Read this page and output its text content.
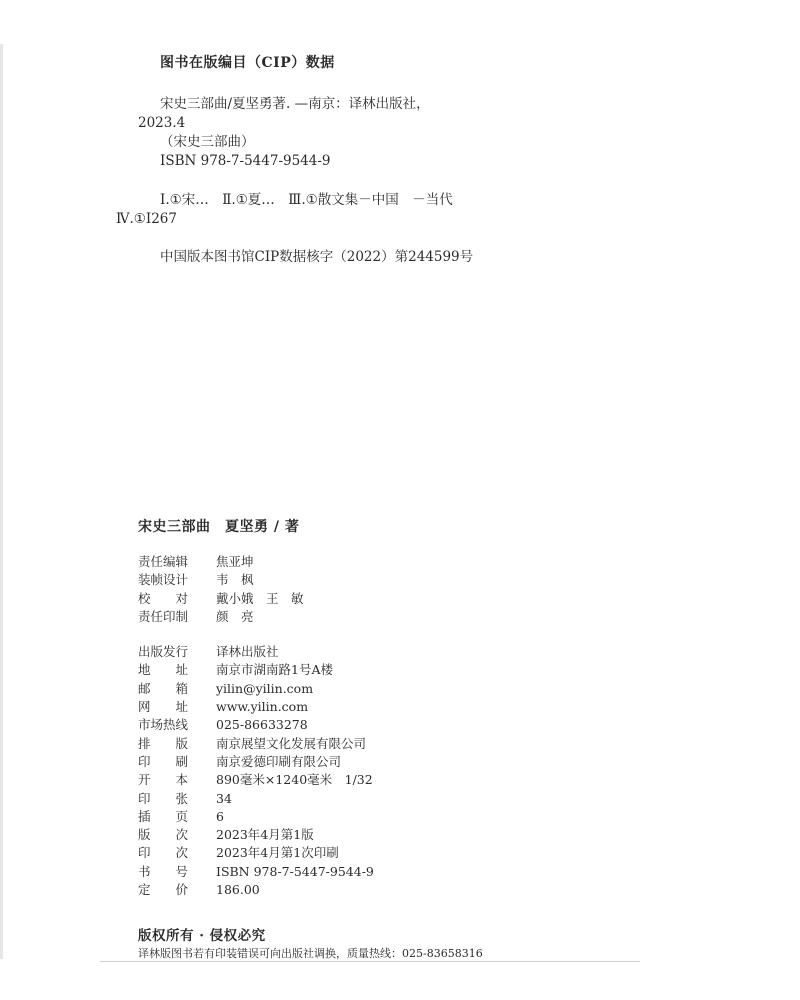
图书在版编目（CIP）数据
宋史三部曲/夏坚勇著. —南京：译林出版社，
2023.4
（宋史三部曲）
ISBN 978-7-5447-9544-9
Ⅰ.①宋…　Ⅱ.①夏…　Ⅲ.①散文集－中国　－当代
Ⅳ.①I267
中国版本图书馆CIP数据核字（2022）第244599号
宋史三部曲　夏坚勇 / 著
责任编辑	焦亚坤
装帧设计	韦　枫
校　　对	戴小娥　王　敏
责任印制	颜　亮
出版发行	译林出版社
地　　址	南京市湖南路1号A楼
邮　　箱	yilin@yilin.com
网　　址	www.yilin.com
市场热线	025-86633278
排　　版	南京展望文化发展有限公司
印　　刷	南京爱德印刷有限公司
开　　本	890毫米×1240毫米　1/32
印　　张	34
插　　页	6
版　　次	2023年4月第1版
印　　次	2023年4月第1次印刷
书　　号	ISBN 978-7-5447-9544-9
定　　价	186.00
版权所有 · 侵权必究
译林版图书若有印装错误可向出版社调换，质量热线：025-83658316
